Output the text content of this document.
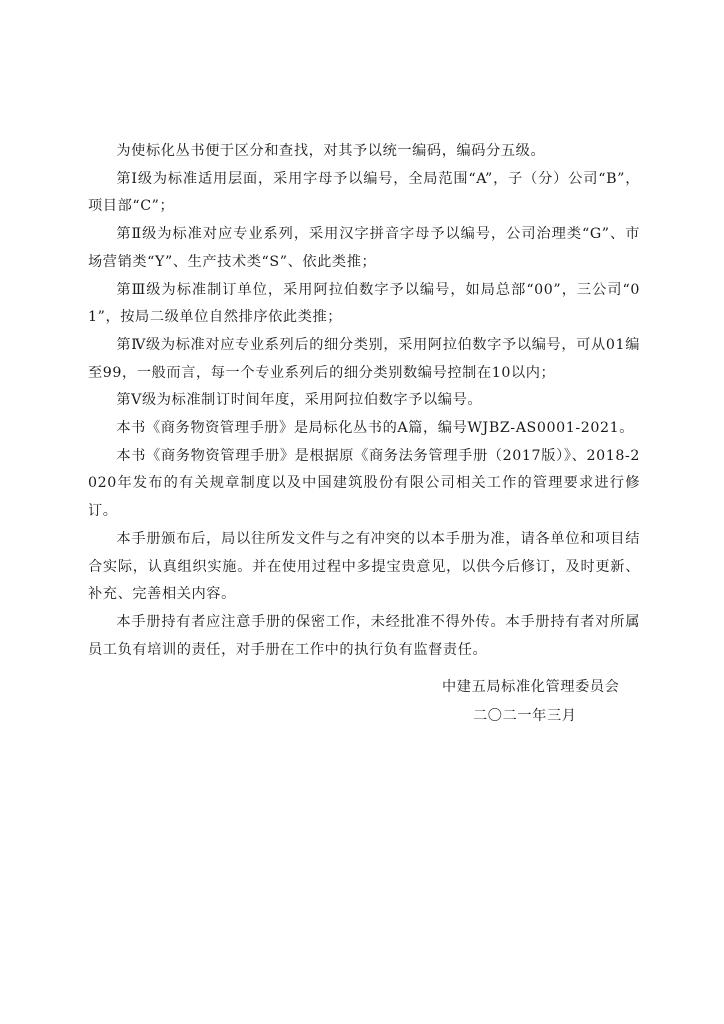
为使标化丛书便于区分和查找，对其予以统一编码，编码分五级。

第Ⅰ级为标准适用层面，采用字母予以编号，全局范围“A”，子（分）公司“B”，项目部“C”；

第Ⅱ级为标准对应专业系列，采用汉字拼音字母予以编号，公司治理类“G”、市场营销类“Y”、生产技术类“S”、依此类推；

第Ⅲ级为标准制订单位，采用阿拉伯数字予以编号，如局总部“00”，三公司“01”，按局二级单位自然排序依此类推；

第Ⅳ级为标准对应专业系列后的细分类别，采用阿拉伯数字予以编号，可从01编至99，一般而言，每一个专业系列后的细分类别数编号控制在10以内；

第Ⅴ级为标准制订时间年度，采用阿拉伯数字予以编号。

本书《商务物资管理手册》是局标化丛书的A篇，编号WJBZ-AS0001-2021。

本书《商务物资管理手册》是根据原《商务法务管理手册（2017版）》、2018-2020年发布的有关规章制度以及中国建筑股份有限公司相关工作的管理要求进行修订。

本手册颁布后，局以往所发文件与之有冲突的以本手册为准，请各单位和项目结合实际，认真组织实施。并在使用过程中多提宝贵意见，以供今后修订，及时更新、补充、完善相关内容。

本手册持有者应注意手册的保密工作，未经批准不得外传。本手册持有者对所属员工负有培训的责任，对手册在工作中的执行负有监督责任。

中建五局标准化管理委员会

二〇二一年三月
